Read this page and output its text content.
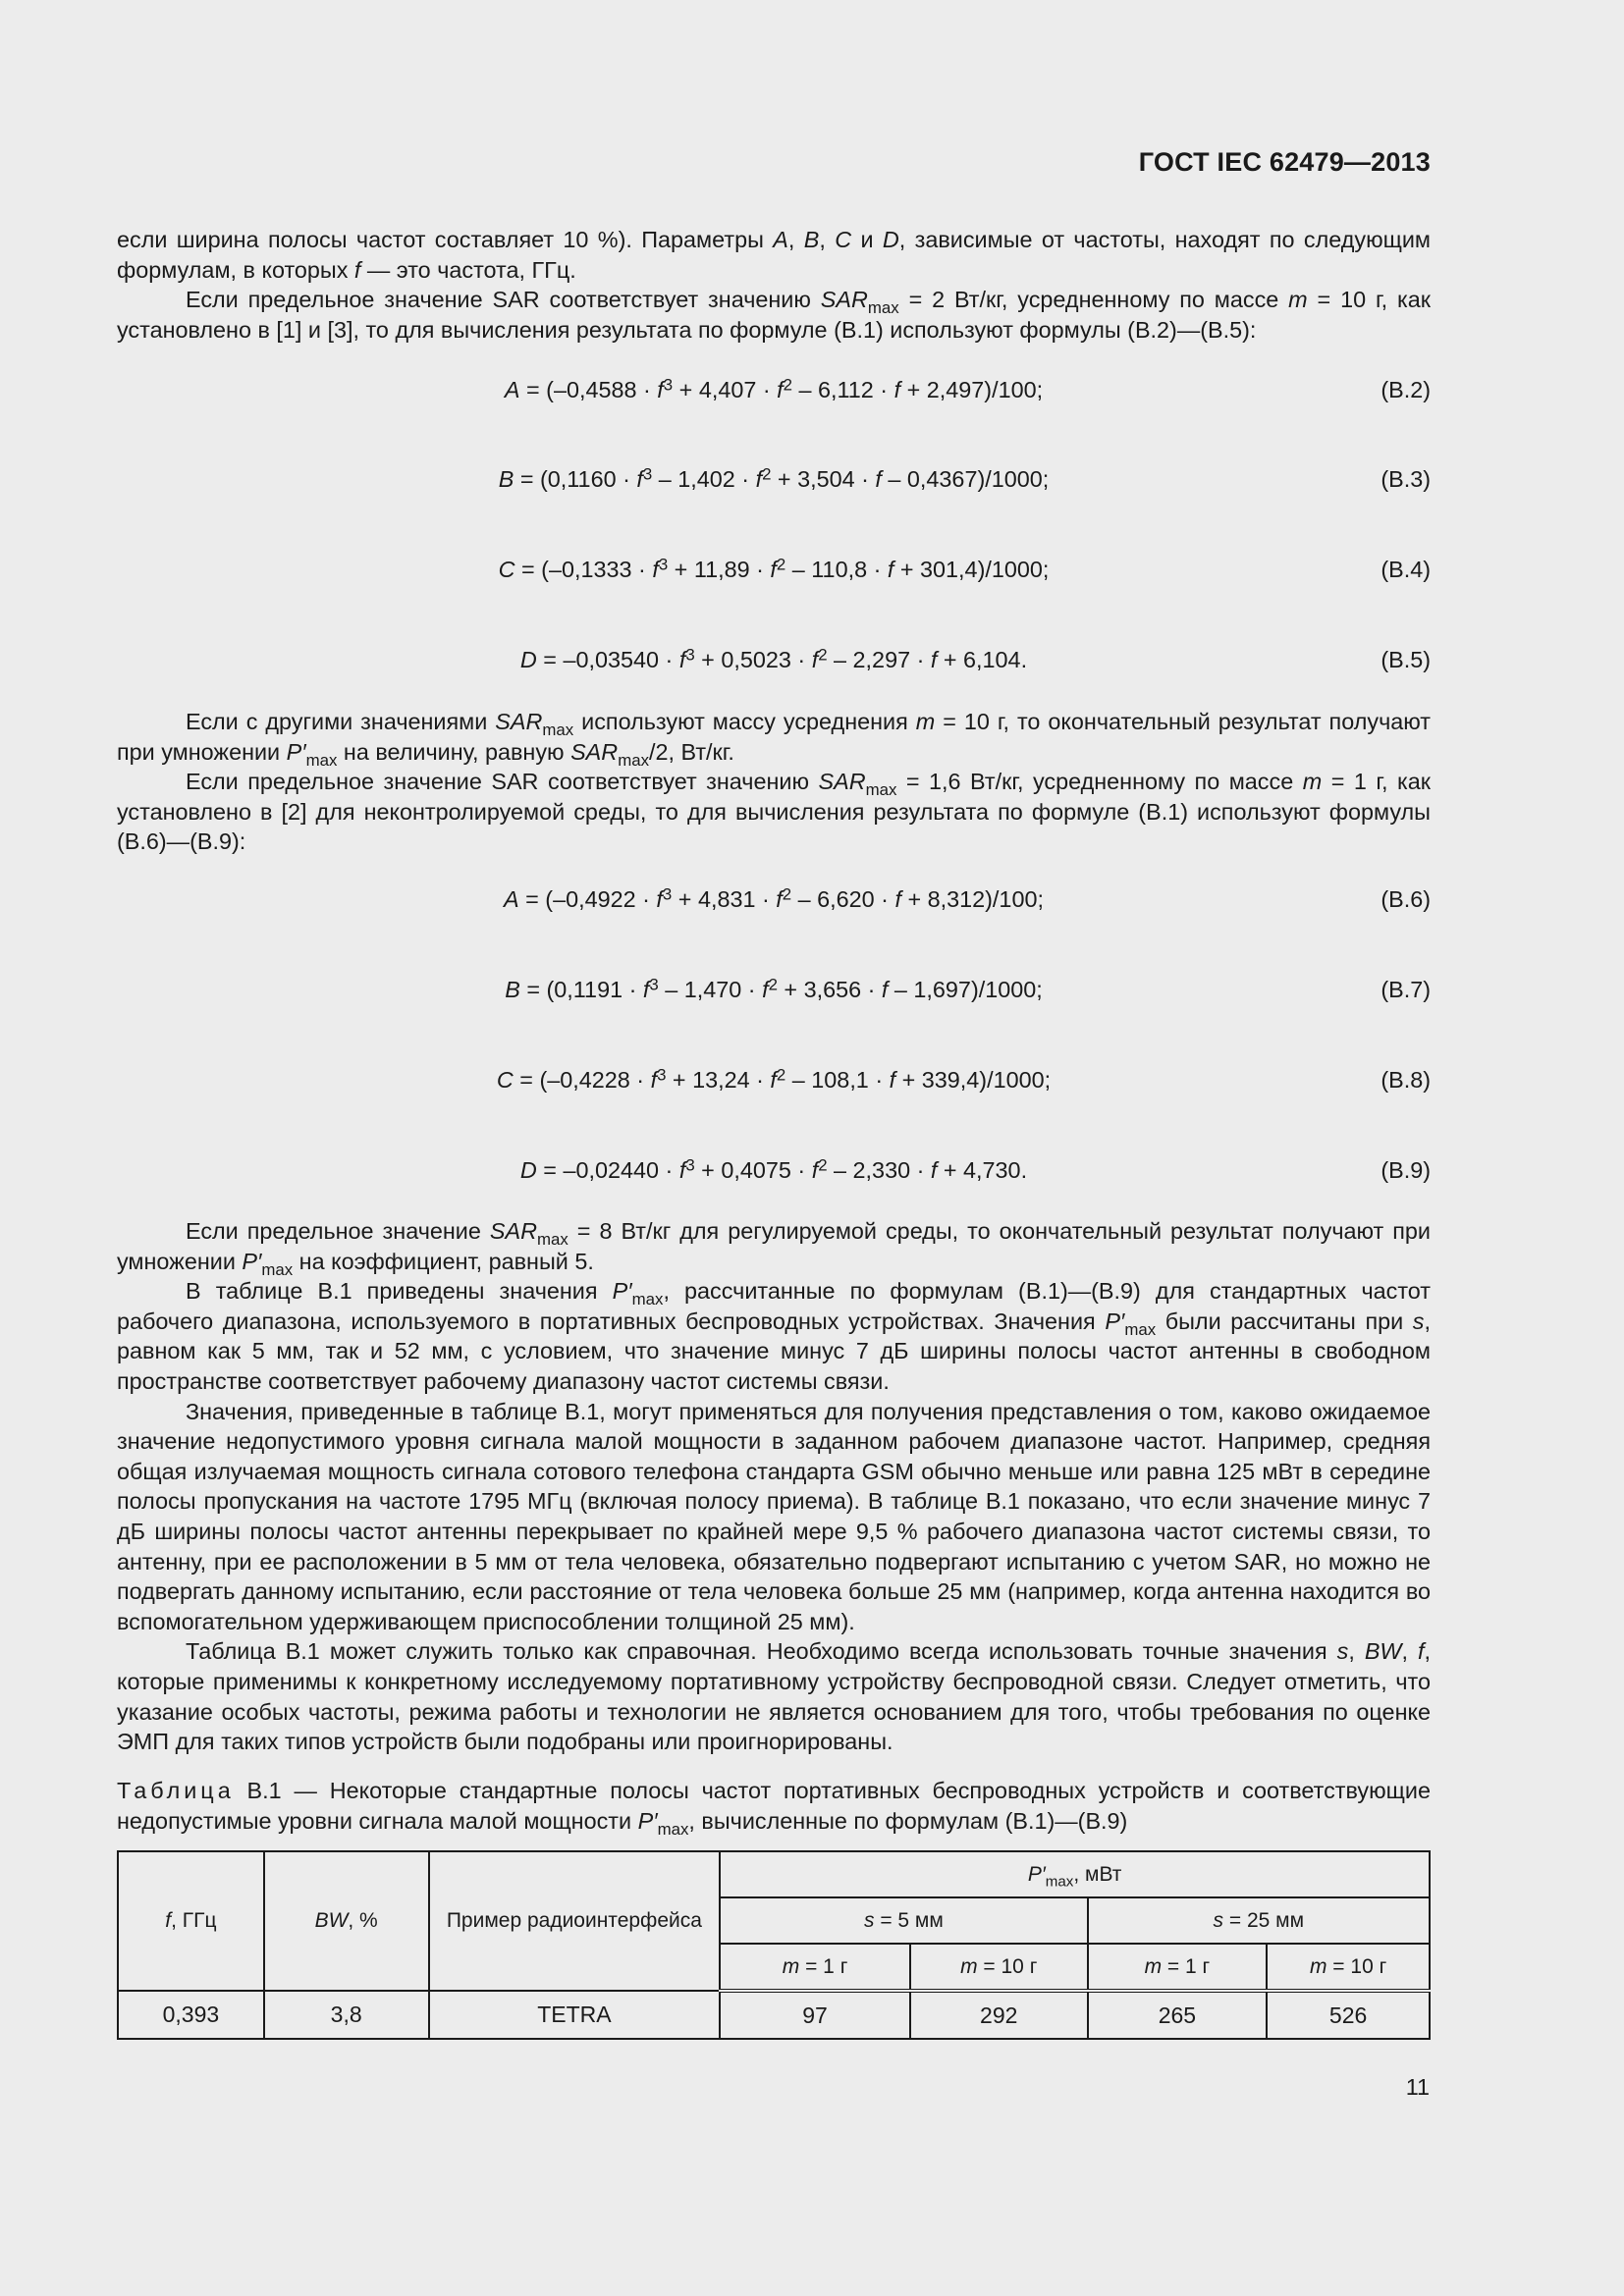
ГОСТ IEC 62479—2013

если ширина полосы частот составляет 10 %). Параметры A, B, C и D, зависимые от частоты, находят по следующим формулам, в которых f — это частота, ГГц.

Если предельное значение SAR соответствует значению $SAR_{max} = 2$ Вт/кг, усредненному по массе m = 10 г, как установлено в [1] и [3], то для вычисления результата по формуле (В.1) используют формулы (В.2)—(В.5):

$A = (-0,4588 \cdot f^3 + 4,407 \cdot f^2 - 6,112 \cdot f + 2,497)/100$;	(В.2)
$B = (0,1160 \cdot f^3 - 1,402 \cdot f^2 + 3,504 \cdot f - 0,4367)/1000$;	(В.3)
$C = (-0,1333 \cdot f^3 + 11,89 \cdot f^2 - 110,8 \cdot f + 301,4)/1000$;	(В.4)
$D = -0,03540 \cdot f^3 + 0,5023 \cdot f^2 - 2,297 \cdot f + 6,104$.	(В.5)

Если с другими значениями $SAR_{max}$ используют массу усреднения m = 10 г, то окончательный результат получают при умножении $P'_{max}$ на величину, равную $SAR_{max}/2$, Вт/кг.

Если предельное значение SAR соответствует значению $SAR_{max} = 1,6$ Вт/кг, усредненному по массе m = 1 г, как установлено в [2] для неконтролируемой среды, то для вычисления результата по формуле (В.1) используют формулы (В.6)—(В.9):

$A = (-0,4922 \cdot f^3 + 4,831 \cdot f^2 - 6,620 \cdot f + 8,312)/100$;	(В.6)
$B = (0,1191 \cdot f^3 - 1,470 \cdot f^2 + 3,656 \cdot f - 1,697)/1000$;	(В.7)
$C = (-0,4228 \cdot f^3 + 13,24 \cdot f^2 - 108,1 \cdot f + 339,4)/1000$;	(В.8)
$D = -0,02440 \cdot f^3 + 0,4075 \cdot f^2 - 2,330 \cdot f + 4,730$.	(В.9)

Если предельное значение $SAR_{max} = 8$ Вт/кг для регулируемой среды, то окончательный результат получают при умножении $P'_{max}$ на коэффициент, равный 5.

В таблице В.1 приведены значения $P'_{max}$, рассчитанные по формулам (В.1)—(В.9) для стандартных частот рабочего диапазона, используемого в портативных беспроводных устройствах. Значения $P'_{max}$ были рассчитаны при s, равном как 5 мм, так и 52 мм, с условием, что значение минус 7 дБ ширины полосы частот антенны в свободном пространстве соответствует рабочему диапазону частот системы связи.

Значения, приведенные в таблице В.1, могут применяться для получения представления о том, каково ожидаемое значение недопустимого уровня сигнала малой мощности в заданном рабочем диапазоне частот. Например, средняя общая излучаемая мощность сигнала сотового телефона стандарта GSM обычно меньше или равна 125 мВт в середине полосы пропускания на частоте 1795 МГц (включая полосу приема). В таблице В.1 показано, что если значение минус 7 дБ ширины полосы частот антенны перекрывает по крайней мере 9,5 % рабочего диапазона частот системы связи, то антенну, при ее расположении в 5 мм от тела человека, обязательно подвергают испытанию с учетом SAR, но можно не подвергать данному испытанию, если расстояние от тела человека больше 25 мм (например, когда антенна находится во вспомогательном удерживающем приспособлении толщиной 25 мм).

Таблица В.1 может служить только как справочная. Необходимо всегда использовать точные значения s, BW, f, которые применимы к конкретному исследуемому портативному устройству беспроводной связи. Следует отметить, что указание особых частоты, режима работы и технологии не является основанием для того, чтобы требования по оценке ЭМП для таких типов устройств были подобраны или проигнорированы.

Таблица В.1 — Некоторые стандартные полосы частот портативных беспроводных устройств и соответствующие недопустимые уровни сигнала малой мощности $P'_{max}$, вычисленные по формулам (В.1)—(В.9)
f, ГГц	BW, %	Пример радиоинтерфейса	$P'_{max}$, мВт			
			s = 5 мм		s = 25 мм	
			m = 1 г	m = 10 г	m = 1 г	m = 10 г
0,393	3,8	TETRA	97	292	265	526
11
